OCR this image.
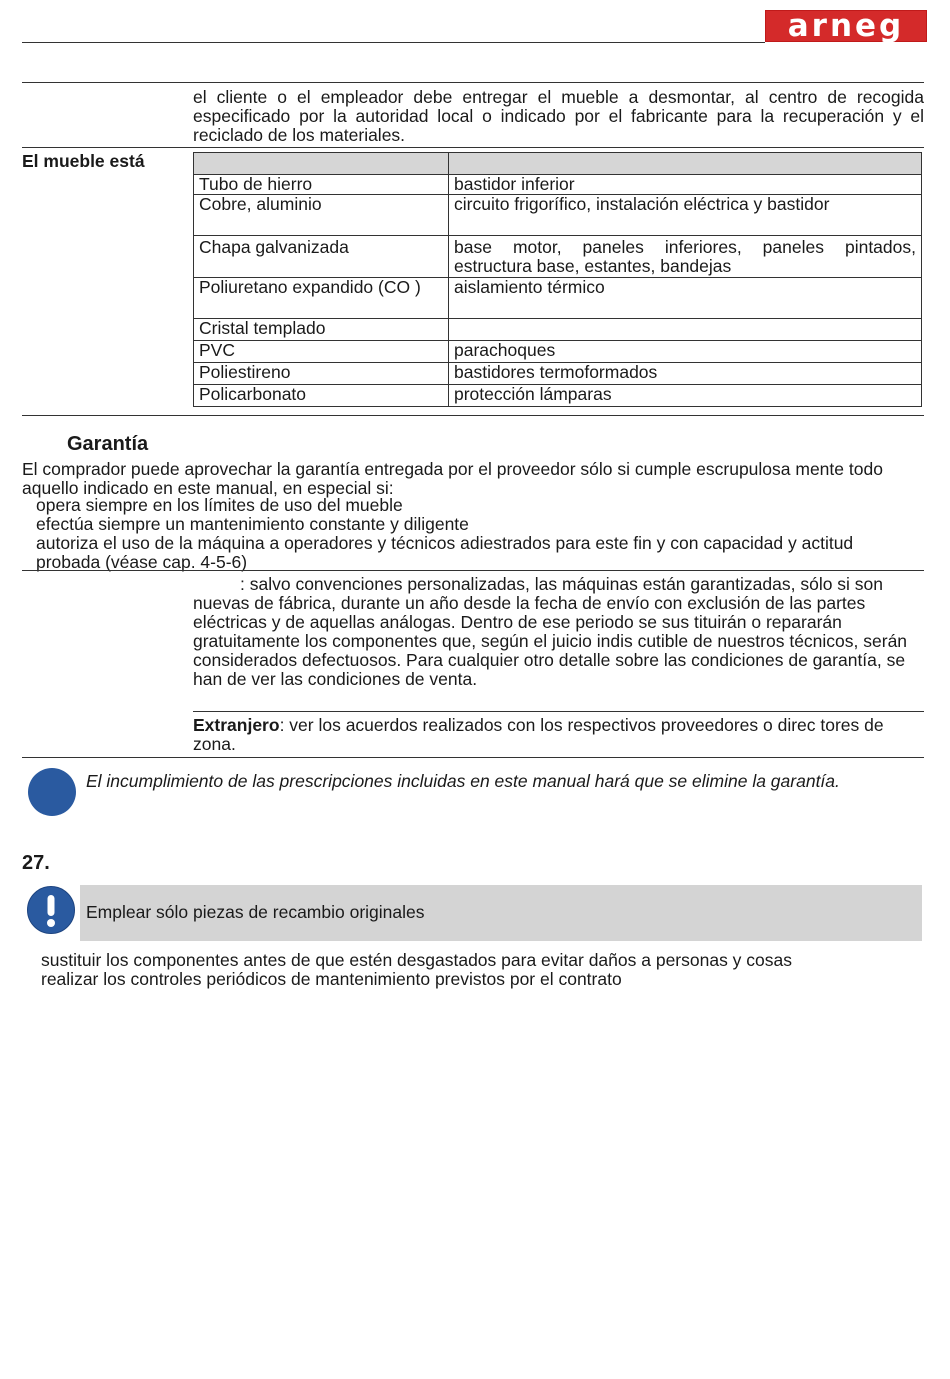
arneg
el cliente o el empleador debe entregar el mueble a desmontar, al centro de recogida especificado por la autoridad local o indicado por el fabricante para la recuperación y el reciclado de los materiales.
El mueble está

Tubo de hierro	bastidor inferior
Cobre, aluminio	circuito frigorífico, instalación eléctrica y bastidor
Chapa galvanizada	base motor, paneles inferiores, paneles pintados, estructura base, estantes, bandejas
Poliuretano expandido (CO )	aislamiento térmico
Cristal templado	
PVC	parachoques
Poliestireno	bastidores termoformados
Policarbonato	protección lámparas
Garantía
El comprador puede aprovechar la garantía entregada por el proveedor sólo si cumple escrupulosa mente todo aquello indicado en este manual, en especial si:
opera siempre en los límites de uso del mueble
efectúa siempre un mantenimiento constante y diligente
autoriza el uso de la máquina a operadores y técnicos adiestrados para este fin y con capacidad y actitud probada (véase cap. 4-5-6)
: salvo convenciones personalizadas, las máquinas están garantizadas, sólo si son nuevas de fábrica, durante un año desde la fecha de envío con exclusión de las partes eléctricas y de aquellas análogas. Dentro de ese periodo se sus tituirán o repararán gratuitamente los componentes que, según el juicio indis cutible de nuestros técnicos, serán considerados defectuosos. Para cualquier otro detalle sobre las condiciones de garantía, se han de ver las condiciones de venta.
Extranjero: ver los acuerdos realizados con los respectivos proveedores o direc tores de zona.
El incumplimiento de las prescripciones incluidas en este manual hará que se elimine la garantía.
27.
Emplear sólo piezas de recambio originales
sustituir los componentes antes de que estén desgastados para evitar daños a personas y cosas
realizar los controles periódicos de mantenimiento previstos por el contrato
